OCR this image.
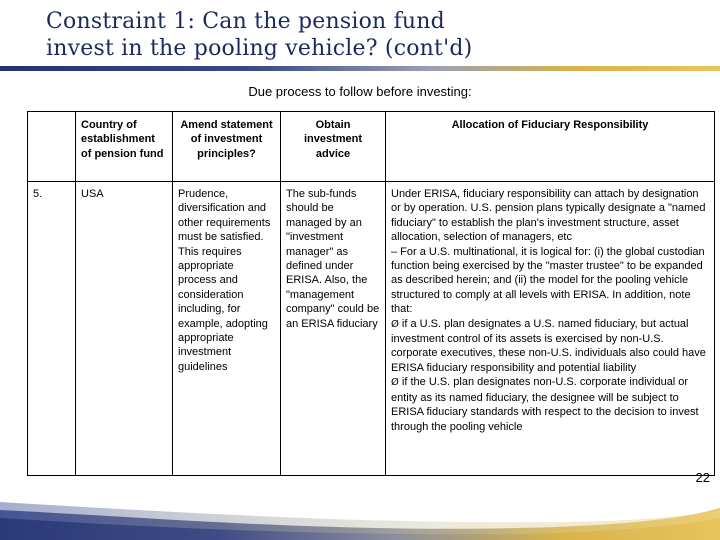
Constraint 1: Can the pension fund
invest in the pooling vehicle? (cont'd)
Due process to follow before investing:
	Country of establishment of pension fund	Amend statement of investment principles?	Obtain investment advice	Allocation of Fiduciary Responsibility
5.	USA	Prudence, diversification and other requirements must be satisfied. This requires appropriate process and consideration including, for example, adopting appropriate investment guidelines	The sub-funds should be managed by an "investment manager" as defined under ERISA. Also, the "management company" could be an ERISA fiduciary	Under ERISA, fiduciary responsibility can attach by designation or by operation. U.S. pension plans typically designate a "named fiduciary" to establish the plan's investment structure, asset allocation, selection of managers, etc
– For a U.S. multinational, it is logical for: (i) the global custodian function being exercised by the "master trustee" to be expanded as described herein; and (ii) the model for the pooling vehicle structured to comply at all levels with ERISA. In addition, note that:
Ø if a U.S. plan designates a U.S. named fiduciary, but actual investment control of its assets is exercised by non-U.S. corporate executives, these non-U.S. individuals also could have ERISA fiduciary responsibility and potential liability
Ø if the U.S. plan designates non-U.S. corporate individual or entity as its named fiduciary, the designee will be subject to ERISA fiduciary standards with respect to the decision to invest through the pooling vehicle
22
